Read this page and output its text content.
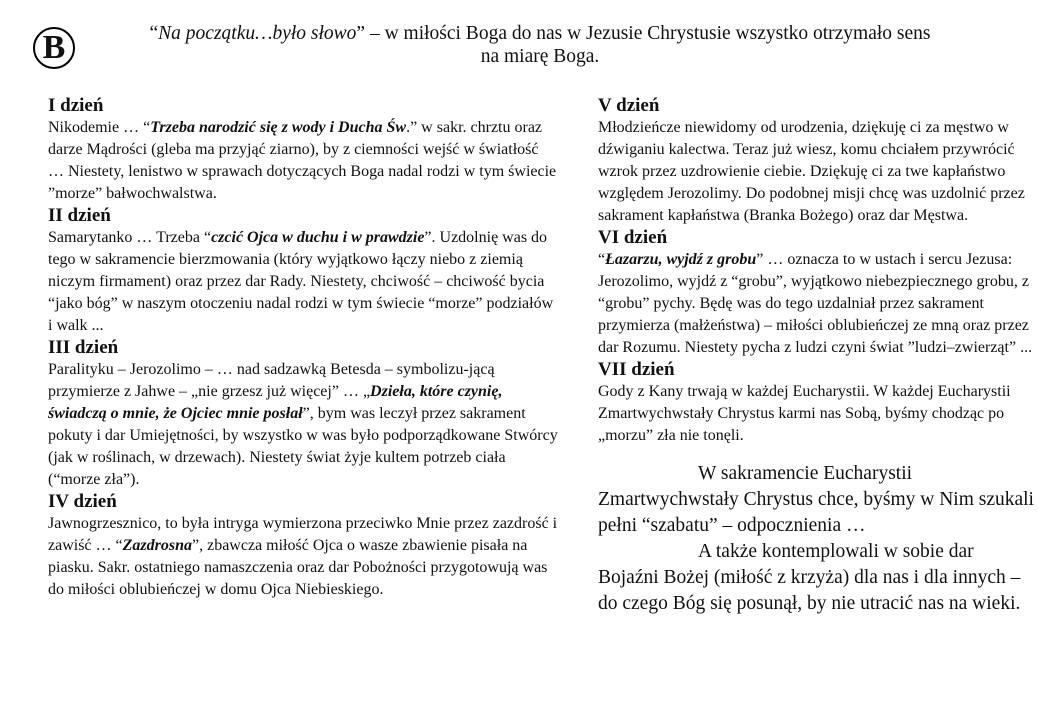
B	“Na początku…było słowo” – w miłości Boga do nas w Jezusie Chrystusie wszystko otrzymało sens
na miarę Boga.
I dzień

Nikodemie … “Trzeba narodzić się z wody i Ducha Św.” w sakr. chrztu oraz darze Mądrości (gleba ma przyjąć ziarno), by z ciemności wejść w światłość … Niestety, lenistwo w sprawach dotyczących Boga nadal rodzi w tym świecie ”morze” bałwochwalstwa.

II dzień

Samarytanko … Trzeba “czcić Ojca w duchu i w prawdzie”. Uzdolnię was do tego w sakramencie bierzmowania (który wyjątkowo łączy niebo z ziemią niczym firmament) oraz przez dar Rady. Niestety, chciwość – chciwość bycia “jako bóg” w naszym otoczeniu nadal rodzi w tym świecie “morze” podziałów i walk ...

III dzień

Paralityku – Jerozolimo – … nad sadzawką Betesda – symbolizu-jącą przymierze z Jahwe – „nie grzesz już więcej” … „Dzieła, które czynię, świadczą o mnie, że Ojciec mnie posłał”, bym was leczył przez sakrament pokuty i dar Umiejętności, by wszystko w was było podporządkowane Stwórcy (jak w roślinach, w drzewach). Niestety świat żyje kultem potrzeb ciała (“morze zła”).

IV dzień

Jawnogrzesznico, to była intryga wymierzona przeciwko Mnie przez zazdrość i zawiść … “Zazdrosna”, zbawcza miłość Ojca o wasze zbawienie pisała na piasku. Sakr. ostatniego namaszczenia oraz dar Pobożności przygotowują was do miłości oblubieńczej w domu Ojca Niebieskiego.

V dzień

Młodzieńcze niewidomy od urodzenia, dziękuję ci za męstwo w dźwiganiu kalectwa. Teraz już wiesz, komu chciałem przywrócić wzrok przez uzdrowienie ciebie. Dziękuję ci za twe kapłaństwo względem Jerozolimy. Do podobnej misji chcę was uzdolnić przez sakrament kapłaństwa (Branka Bożego) oraz dar Męstwa.

VI dzień

“Łazarzu, wyjdź z grobu” … oznacza to w ustach i sercu Jezusa: Jerozolimo, wyjdź z “grobu”, wyjątkowo niebezpiecznego grobu, z “grobu” pychy. Będę was do tego uzdalniał przez sakrament przymierza (małżeństwa) – miłości oblubieńczej ze mną oraz przez dar Rozumu. Niestety pycha z ludzi czyni świat ”ludzi–zwierząt” ...

VII dzień

Gody z Kany trwają w każdej Eucharystii. W każdej Eucharystii Zmartwychwstały Chrystus karmi nas Sobą, byśmy chodząc po „morzu” zła nie tonęli.

W sakramencie Eucharystii Zmartwychwstały Chrystus chce, byśmy w Nim szukali pełni “szabatu” – odpocznienia …

A także kontemplowali w sobie dar Bojaźni Bożej (miłość z krzyża) dla nas i dla innych – do czego Bóg się posunął, by nie utracić nas na wieki.
